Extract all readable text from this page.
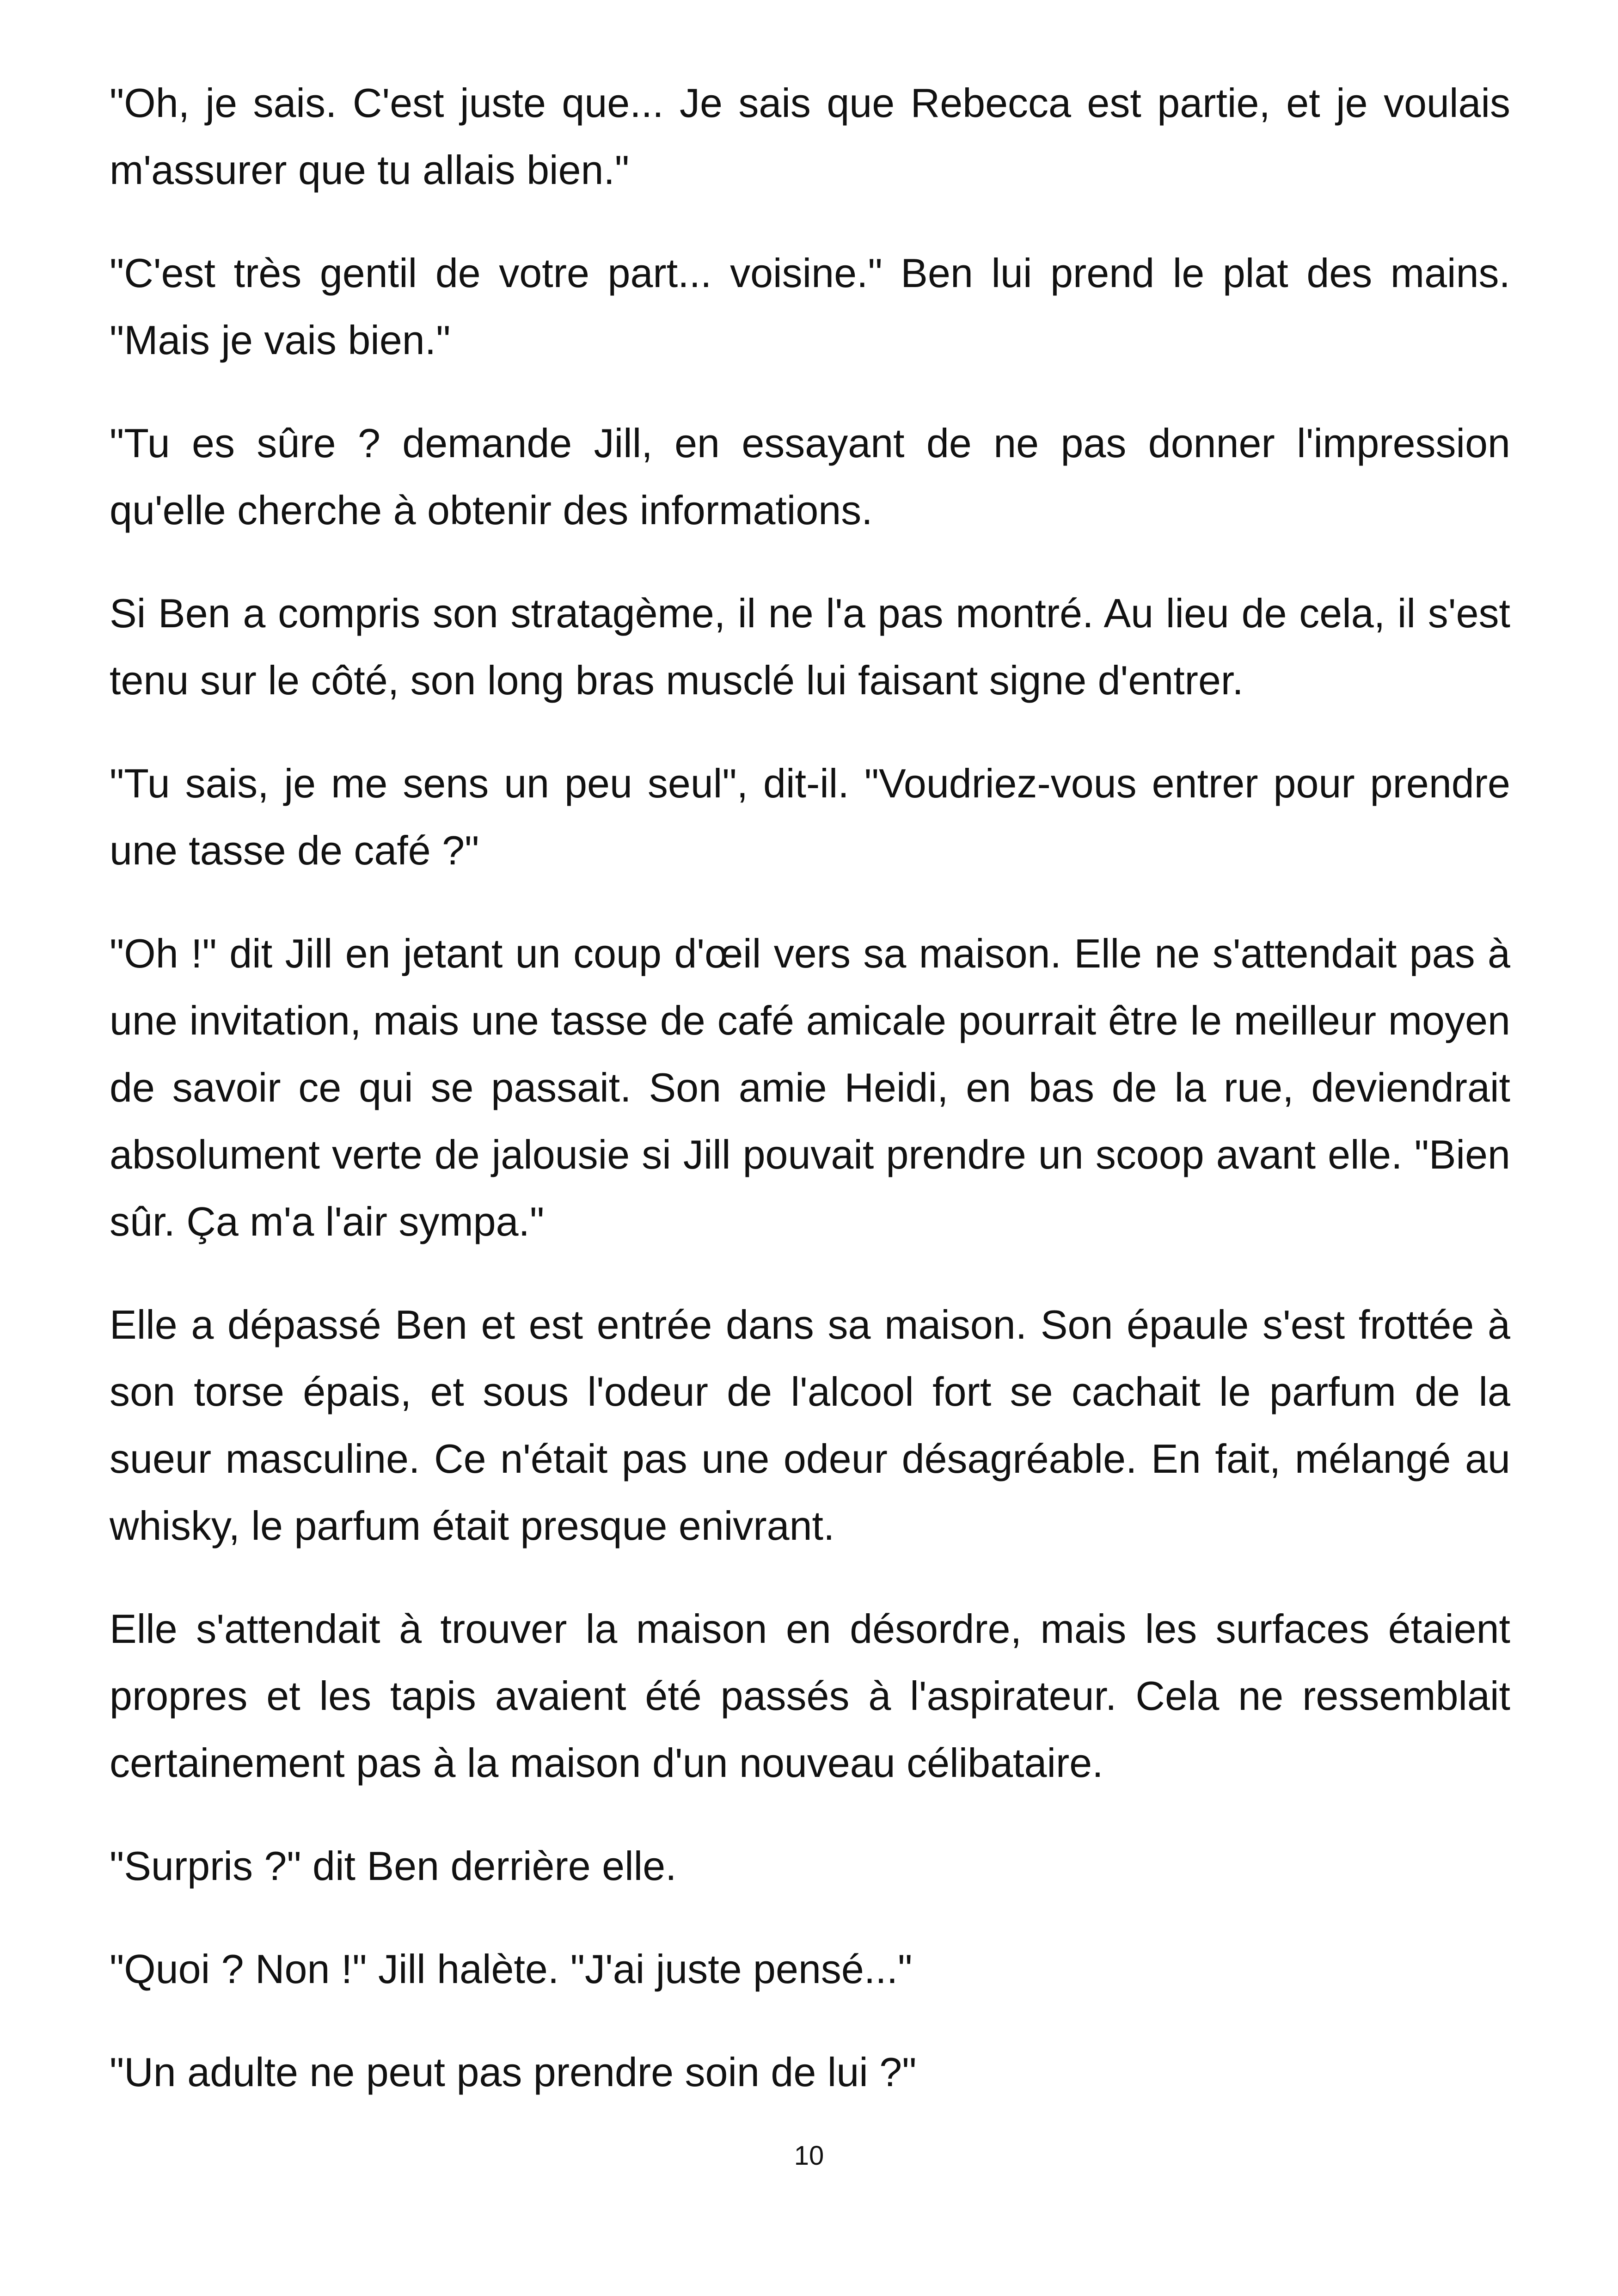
"Oh, je sais. C'est juste que... Je sais que Rebecca est partie, et je voulais m'assurer que tu allais bien."

"C'est très gentil de votre part... voisine." Ben lui prend le plat des mains. "Mais je vais bien."

"Tu es sûre ? demande Jill, en essayant de ne pas donner l'impression qu'elle cherche à obtenir des informations.

Si Ben a compris son stratagème, il ne l'a pas montré. Au lieu de cela, il s'est tenu sur le côté, son long bras musclé lui faisant signe d'entrer.

"Tu sais, je me sens un peu seul", dit-il. "Voudriez-vous entrer pour prendre une tasse de café ?"

"Oh !" dit Jill en jetant un coup d'œil vers sa maison. Elle ne s'attendait pas à une invitation, mais une tasse de café amicale pourrait être le meilleur moyen de savoir ce qui se passait. Son amie Heidi, en bas de la rue, deviendrait absolument verte de jalousie si Jill pouvait prendre un scoop avant elle. "Bien sûr. Ça m'a l'air sympa."

Elle a dépassé Ben et est entrée dans sa maison. Son épaule s'est frottée à son torse épais, et sous l'odeur de l'alcool fort se cachait le parfum de la sueur masculine. Ce n'était pas une odeur désagréable. En fait, mélangé au whisky, le parfum était presque enivrant.

Elle s'attendait à trouver la maison en désordre, mais les surfaces étaient propres et les tapis avaient été passés à l'aspirateur. Cela ne ressemblait certainement pas à la maison d'un nouveau célibataire.

"Surpris ?" dit Ben derrière elle.

"Quoi ? Non !" Jill halète. "J'ai juste pensé..."

"Un adulte ne peut pas prendre soin de lui ?"

10
